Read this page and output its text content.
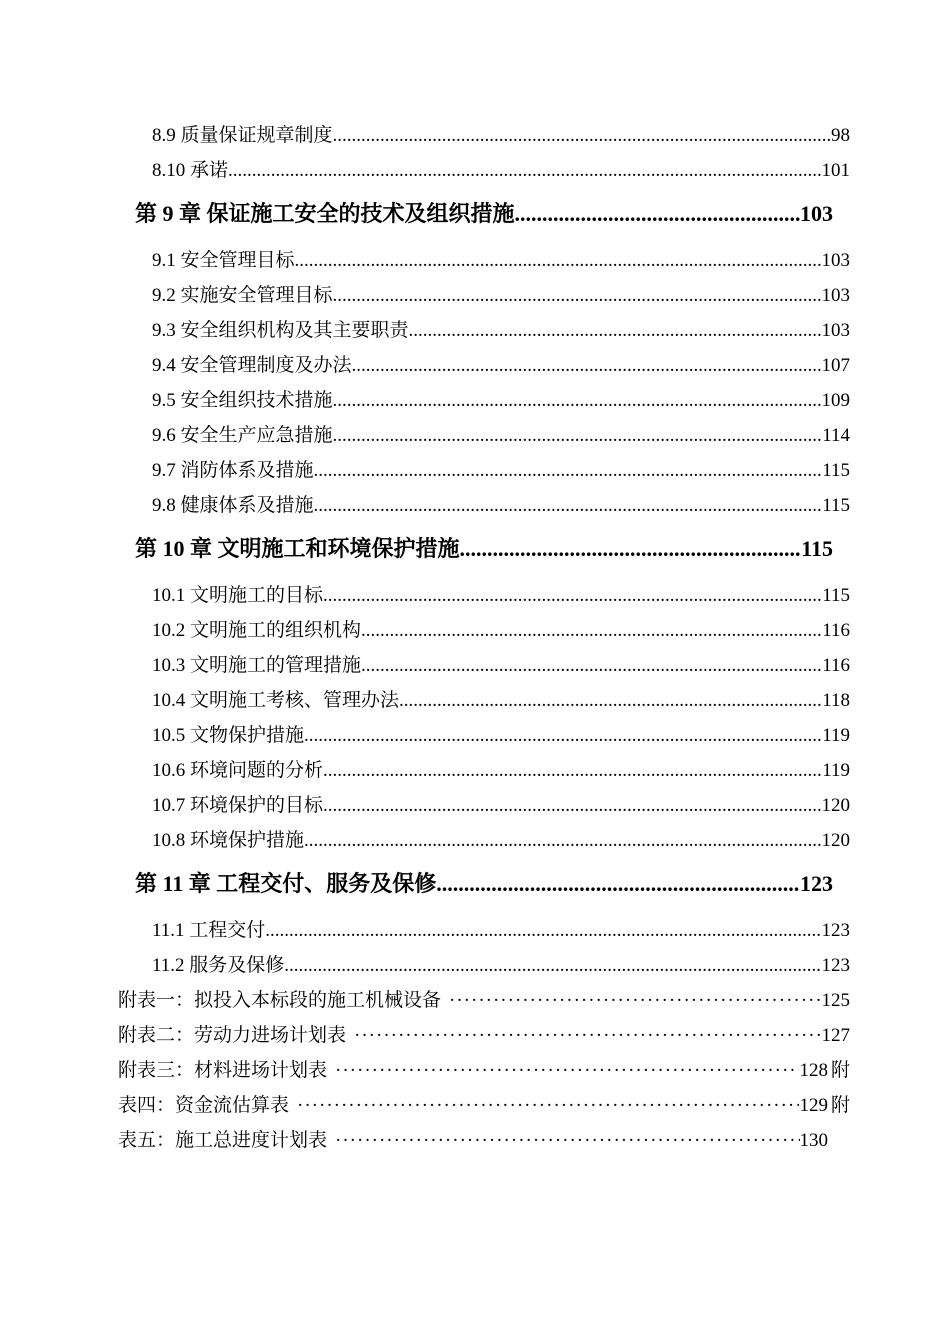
8.9 质量保证规章制度 .....	98
8.10 承诺 .....	101
第 9 章 保证施工安全的技术及组织措施 .....	103
9.1 安全管理目标 .....	103
9.2 实施安全管理目标 .....	103
9.3 安全组织机构及其主要职责 .....	103
9.4 安全管理制度及办法 .....	107
9.5 安全组织技术措施 .....	109
9.6 安全生产应急措施 .....	114
9.7 消防体系及措施 .....	115
9.8 健康体系及措施 .....	115
第 10 章 文明施工和环境保护措施 .....	115
10.1 文明施工的目标 .....	115
10.2 文明施工的组织机构 .....	116
10.3 文明施工的管理措施 .....	116
10.4 文明施工考核、管理办法 .....	118
10.5 文物保护措施 .....	119
10.6 环境问题的分析 .....	119
10.7 环境保护的目标 .....	120
10.8 环境保护措施 .....	120
第 11 章 工程交付、服务及保修 .....	123
11.1 工程交付 .....	123
11.2 服务及保修 .....	123
附表一：拟投入本标段的施工机械设备 ·····	125
附表二：劳动力进场计划表 ·····	127
附表三：材料进场计划表 ·····	128 附
表四：资金流估算表 ·····	129 附
表五：施工总进度计划表 ·····	130
